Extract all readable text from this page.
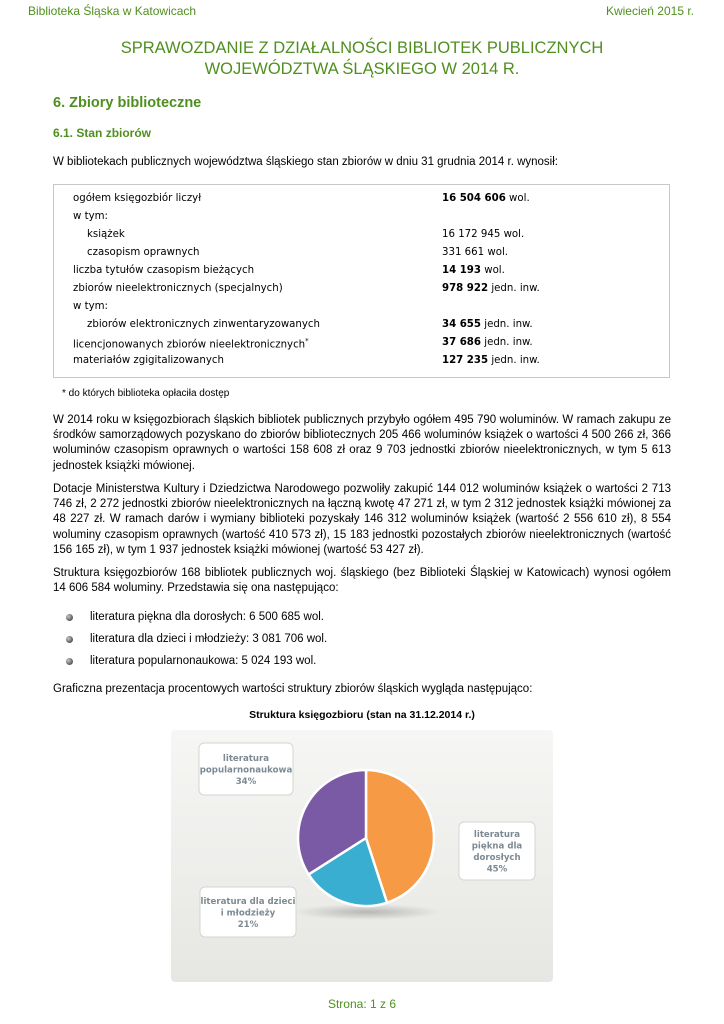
Biblioteka Śląska w Katowicach	Kwiecień 2015 r.
SPRAWOZDANIE Z DZIAŁALNOŚCI BIBLIOTEK PUBLICZNYCH
WOJEWÓDZTWA ŚLĄSKIEGO W 2014 R.
6. Zbiory biblioteczne
6.1. Stan zbiorów

W bibliotekach publicznych województwa śląskiego stan zbiorów w dniu 31 grudnia 2014 r. wynosił:

* do których biblioteka opłaciła dostęp

W 2014 roku w księgozbiorach śląskich bibliotek publicznych przybyło ogółem 495 790 woluminów. W ramach zakupu ze środków samorządowych pozyskano do zbiorów bibliotecznych 205 466 woluminów książek o wartości 4 500 266 zł, 366 woluminów czasopism oprawnych o wartości 158 608 zł oraz 9 703 jednostki zbiorów nieelektronicznych, w tym 5 613 jednostek książki mówionej.

Dotacje Ministerstwa Kultury i Dziedzictwa Narodowego pozwoliły zakupić 144 012 woluminów książek o wartości 2 713 746 zł, 2 272 jednostki zbiorów nieelektronicznych na łączną kwotę 47 271 zł, w tym 2 312 jednostek książki mówionej za 48 227 zł. W ramach darów i wymiany biblioteki pozyskały 146 312 woluminów książek (wartość 2 556 610 zł), 8 554 woluminy czasopism oprawnych (wartość 410 573 zł), 15 183 jednostki pozostałych zbiorów nieelektronicznych (wartość 156 165 zł), w tym 1 937 jednostek książki mówionej (wartość 53 427 zł).

Struktura księgozbiorów 168 bibliotek publicznych woj. śląskiego (bez Biblioteki Śląskiej w Katowicach) wynosi ogółem 14 606 584 woluminy. Przedstawia się ona następująco:

literatura piękna dla dorosłych: 6 500 685 wol.
literatura dla dzieci i młodzieży: 3 081 706 wol.
literatura popularnonaukowa: 5 024 193 wol.

Graficzna prezentacja procentowych wartości struktury zbiorów śląskich wygląda następująco:

Struktura księgozbioru (stan na 31.12.2014 r.)
literatura
piękna dla
dorosłych
45%
literatura dla dzieci
i młodzieży
21%
literatura
popularnonaukowa
34%
Strona: 1 z 6
ogółem księgozbiór liczył	16 504 606 wol.
w tym:
książek	16 172 945 wol.
czasopism oprawnych	331 661 wol.
liczba tytułów czasopism bieżących	14 193 wol.
zbiorów nieelektronicznych (specjalnych)	978 922 jedn. inw.
w tym:
zbiorów elektronicznych zinwentaryzowanych	34 655 jedn. inw.
licencjonowanych zbiorów nieelektronicznych*	37 686 jedn. inw.
materiałów zgigitalizowanych	127 235 jedn. inw.
